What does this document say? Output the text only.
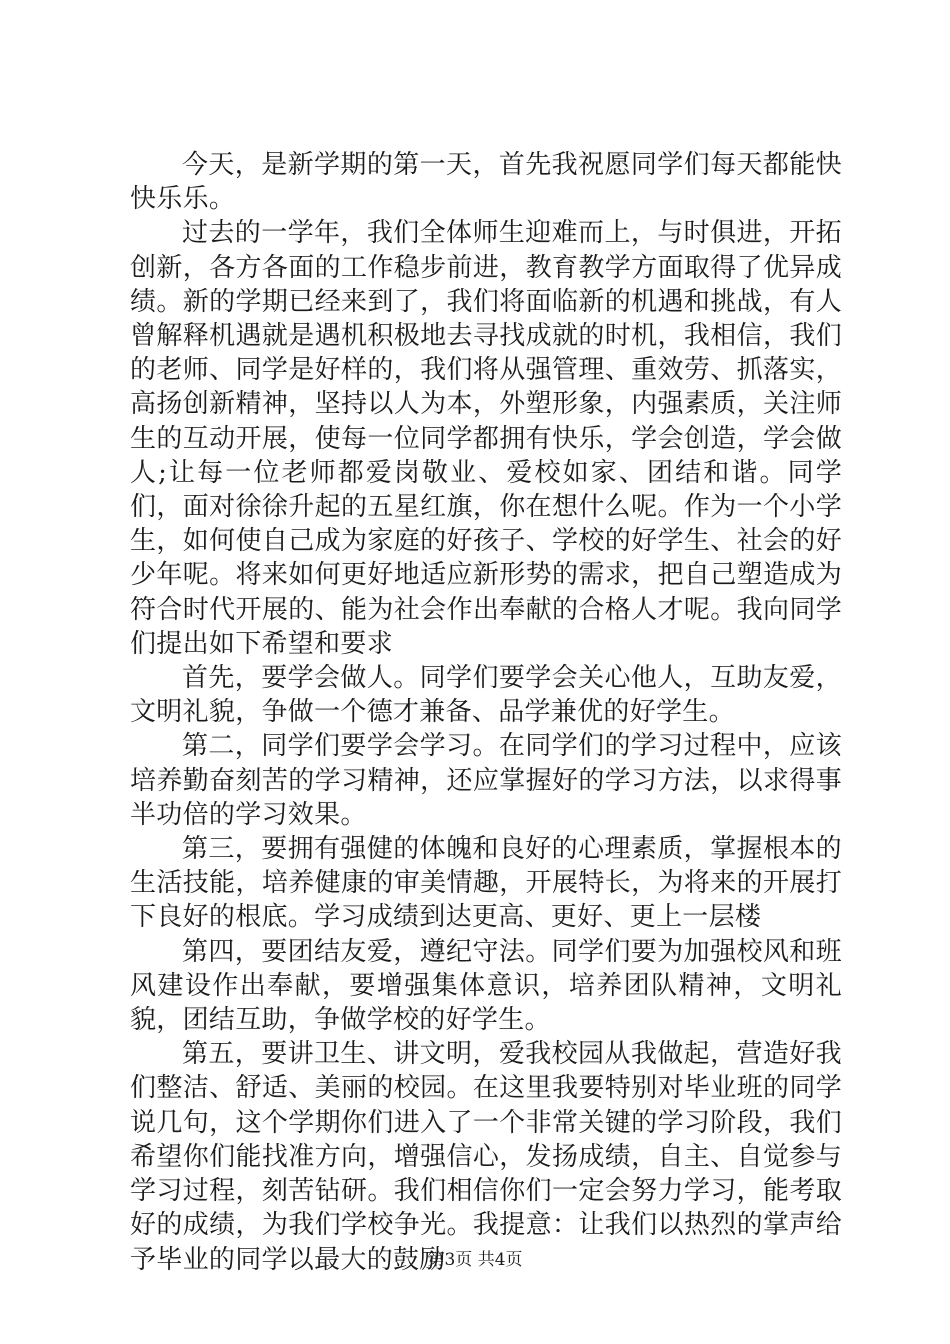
今天，是新学期的第一天，首先我祝愿同学们每天都能快快乐乐。

过去的一学年，我们全体师生迎难而上，与时俱进，开拓创新，各方各面的工作稳步前进，教育教学方面取得了优异成绩。新的学期已经来到了，我们将面临新的机遇和挑战，有人曾解释机遇就是遇机积极地去寻找成就的时机，我相信，我们的老师、同学是好样的，我们将从强管理、重效劳、抓落实，高扬创新精神，坚持以人为本，外塑形象，内强素质，关注师生的互动开展，使每一位同学都拥有快乐，学会创造，学会做人;让每一位老师都爱岗敬业、爱校如家、团结和谐。同学们，面对徐徐升起的五星红旗，你在想什么呢。作为一个小学生，如何使自己成为家庭的好孩子、学校的好学生、社会的好少年呢。将来如何更好地适应新形势的需求，把自己塑造成为符合时代开展的、能为社会作出奉献的合格人才呢。我向同学们提出如下希望和要求

首先，要学会做人。同学们要学会关心他人，互助友爱，文明礼貌，争做一个德才兼备、品学兼优的好学生。

第二，同学们要学会学习。在同学们的学习过程中，应该培养勤奋刻苦的学习精神，还应掌握好的学习方法，以求得事半功倍的学习效果。

第三，要拥有强健的体魄和良好的心理素质，掌握根本的生活技能，培养健康的审美情趣，开展特长，为将来的开展打下良好的根底。学习成绩到达更高、更好、更上一层楼

第四，要团结友爱，遵纪守法。同学们要为加强校风和班风建设作出奉献，要增强集体意识，培养团队精神，文明礼貌，团结互助，争做学校的好学生。

第五，要讲卫生、讲文明，爱我校园从我做起，营造好我们整洁、舒适、美丽的校园。在这里我要特别对毕业班的同学说几句，这个学期你们进入了一个非常关键的学习阶段，我们希望你们能找准方向，增强信心，发扬成绩，自主、自觉参与学习过程，刻苦钻研。我们相信你们一定会努力学习，能考取好的成绩，为我们学校争光。我提意：让我们以热烈的掌声给予毕业的同学以最大的鼓励

第3页 共4页
